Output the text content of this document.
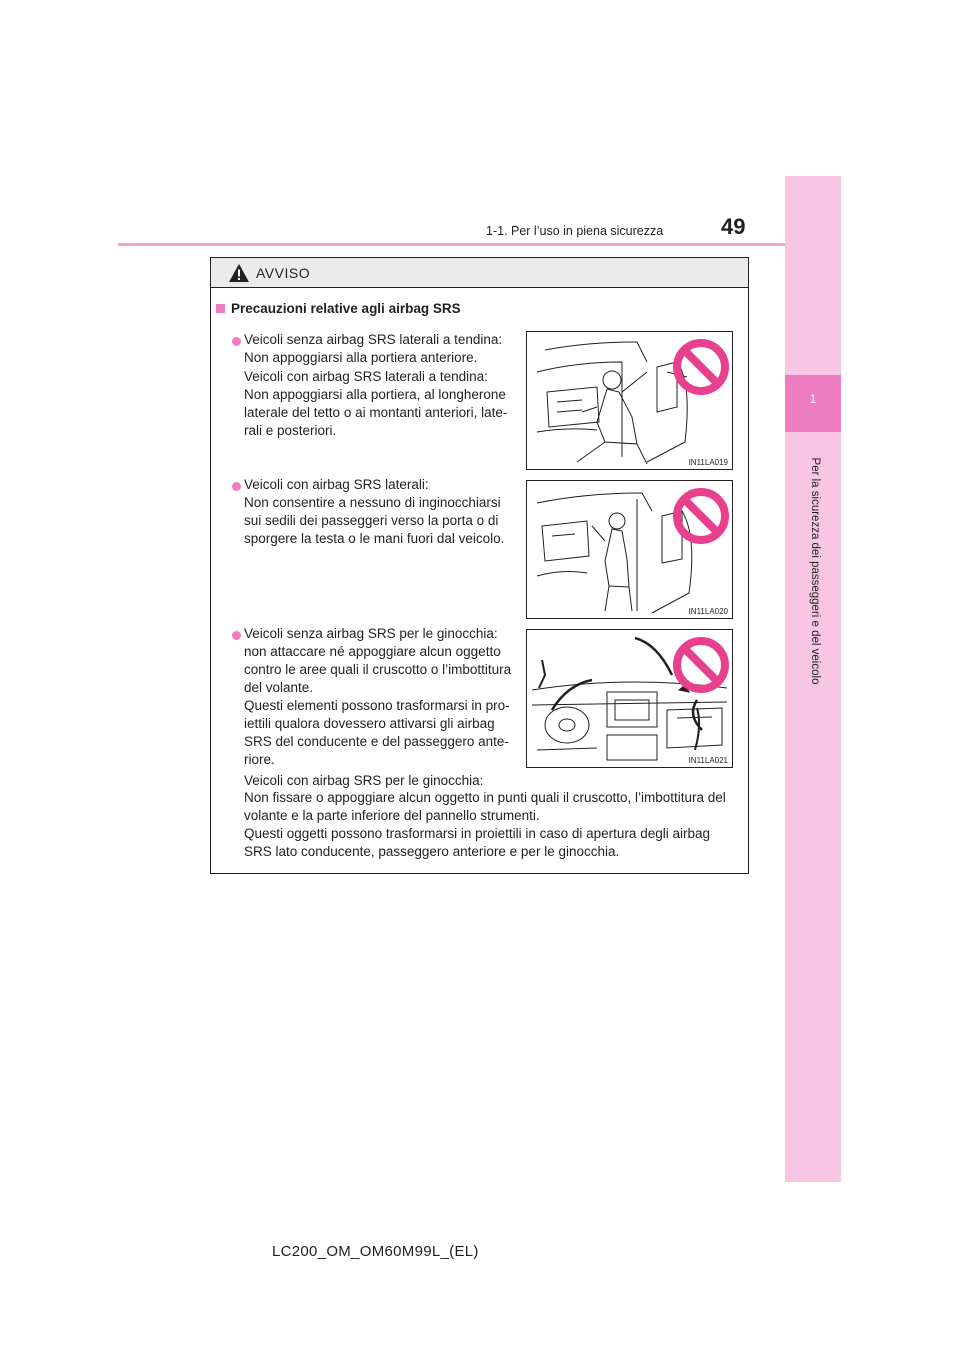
1-1. Per l’uso in piena sicurezza	49
1
Per la sicurezza dei passeggeri e del veicolo
AVVISO
Precauzioni relative agli airbag SRS

Veicoli senza airbag SRS laterali a tendina:
Non appoggiarsi alla portiera anteriore.

Veicoli con airbag SRS laterali a tendina:
Non appoggiarsi alla portiera, al longherone
laterale del tetto o ai montanti anteriori, late-
rali e posteriori.

IN11LA019

Veicoli con airbag SRS laterali:
Non consentire a nessuno di inginocchiarsi
sui sedili dei passeggeri verso la porta o di
sporgere la testa o le mani fuori dal veicolo.

IN11LA020

Veicoli senza airbag SRS per le ginocchia:
non attaccare né appoggiare alcun oggetto
contro le aree quali il cruscotto o l’imbottitura
del volante.
Questi elementi possono trasformarsi in pro-
iettili qualora dovessero attivarsi gli airbag
SRS del conducente e del passeggero ante-
riore.

Veicoli con airbag SRS per le ginocchia:

Non fissare o appoggiare alcun oggetto in punti quali il cruscotto, l’imbottitura del
volante e la parte inferiore del pannello strumenti.
Questi oggetti possono trasformarsi in proiettili in caso di apertura degli airbag
SRS lato conducente, passeggero anteriore e per le ginocchia.

IN11LA021
LC200_OM_OM60M99L_(EL)
